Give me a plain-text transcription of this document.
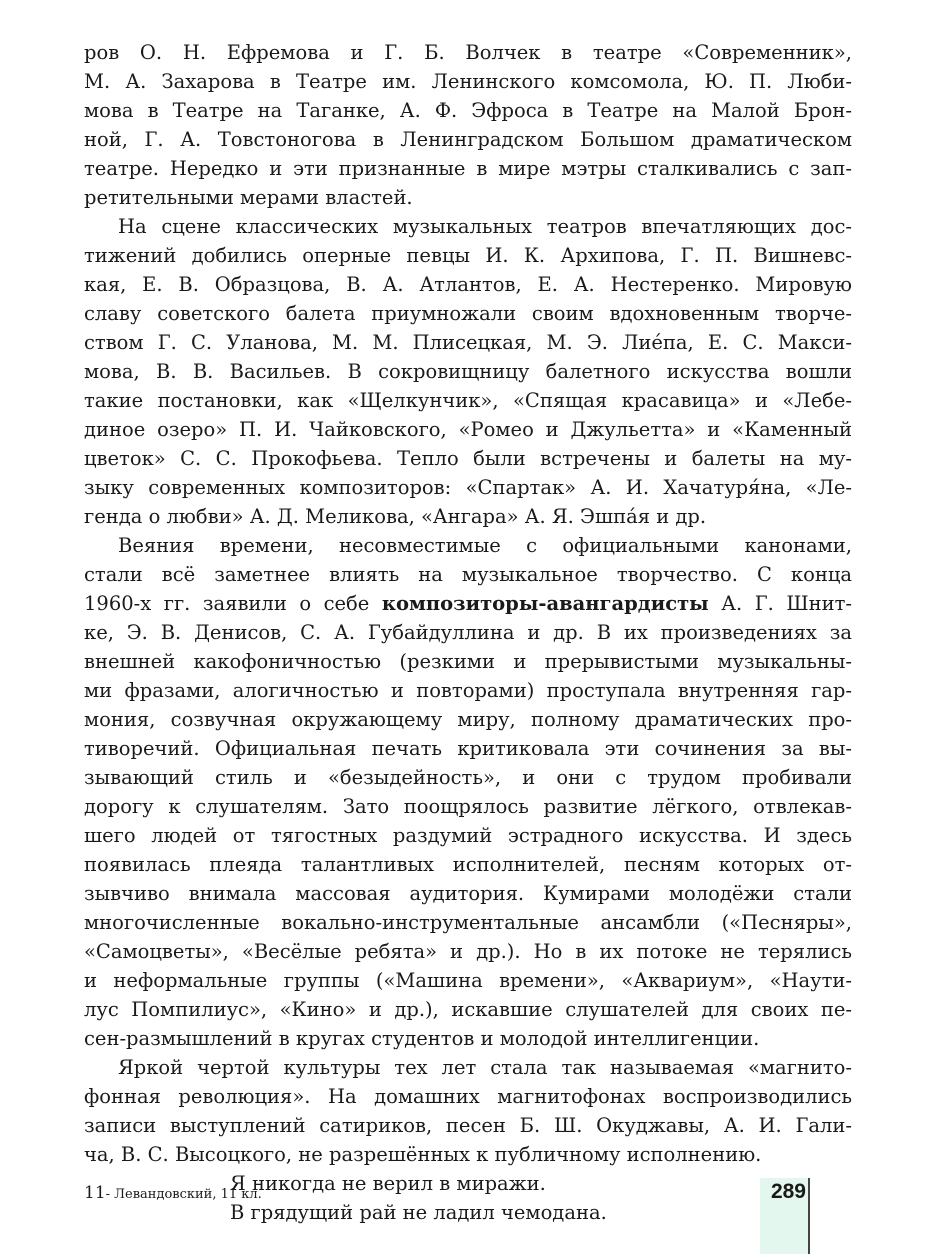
ров О. Н. Ефремова и Г. Б. Волчек в театре «Современник»,
М. А. Захарова в Театре им. Ленинского комсомола, Ю. П. Люби-
мова в Театре на Таганке, А. Ф. Эфроса в Театре на Малой Брон-
ной, Г. А. Товстоногова в Ленинградском Большом драматическом
театре. Нередко и эти признанные в мире мэтры сталкивались с зап-
ретительными мерами властей.
На сцене классических музыкальных театров впечатляющих дос-
тижений добились оперные певцы И. К. Архипова, Г. П. Вишневс-
кая, Е. В. Образцова, В. А. Атлантов, Е. А. Нестеренко. Мировую
славу советского балета приумножали своим вдохновенным творче-
ством Г. С. Уланова, М. М. Плисецкая, М. Э. Лиéпа, Е. С. Макси-
мова, В. В. Васильев. В сокровищницу балетного искусства вошли
такие постановки, как «Щелкунчик», «Спящая красавица» и «Лебе-
диное озеро» П. И. Чайковского, «Ромео и Джульетта» и «Каменный
цветок» С. С. Прокофьева. Тепло были встречены и балеты на му-
зыку современных композиторов: «Спартак» А. И. Хачатуря́на, «Ле-
генда о любви» А. Д. Меликова, «Ангара» А. Я. Эшпа́я и др.
Веяния времени, несовместимые с официальными канонами,
стали всё заметнее влиять на музыкальное творчество. С конца
1960-х гг. заявили о себе композиторы-авангардисты А. Г. Шнит-
ке, Э. В. Денисов, С. А. Губайдуллина и др. В их произведениях за
внешней какофоничностью (резкими и прерывистыми музыкальны-
ми фразами, алогичностью и повторами) проступала внутренняя гар-
мония, созвучная окружающему миру, полному драматических про-
тиворечий. Официальная печать критиковала эти сочинения за вы-
зывающий стиль и «безыдейность», и они с трудом пробивали
дорогу к слушателям. Зато поощрялось развитие лёгкого, отвлекав-
шего людей от тягостных раздумий эстрадного искусства. И здесь
появилась плеяда талантливых исполнителей, песням которых от-
зывчиво внимала массовая аудитория. Кумирами молодёжи стали
многочисленные вокально-инструментальные ансамбли («Песняры»,
«Самоцветы», «Весёлые ребята» и др.). Но в их потоке не терялись
и неформальные группы («Машина времени», «Аквариум», «Наути-
лус Помпилиус», «Кино» и др.), искавшие слушателей для своих пе-
сен-размышлений в кругах студентов и молодой интеллигенции.
Яркой чертой культуры тех лет стала так называемая «магнито-
фонная революция». На домашних магнитофонах воспроизводились
записи выступлений сатириков, песен Б. Ш. Окуджавы, А. И. Гали-
ча, В. С. Высоцкого, не разрешённых к публичному исполнению.
Я никогда не верил в миражи.
В грядущий рай не ладил чемодана.
11- Левандовский, 11 кл.	289
